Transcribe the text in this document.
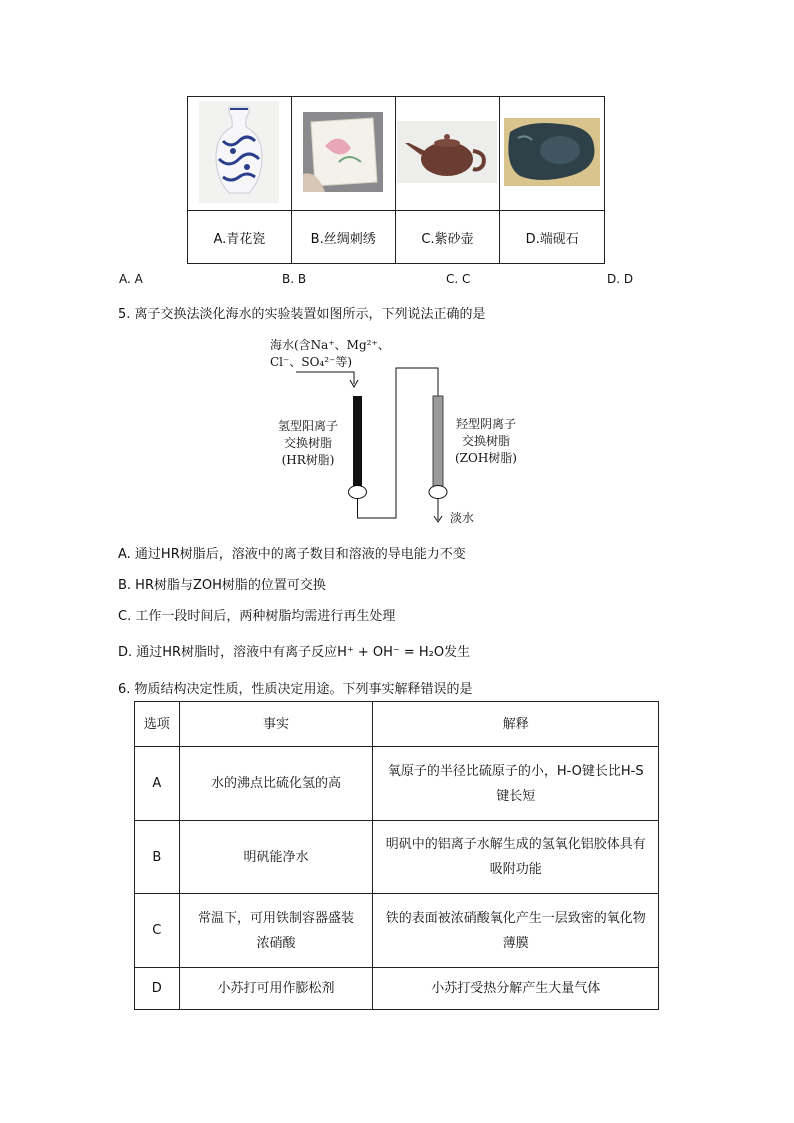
A.青花瓷	B.丝绸刺绣	C.紫砂壶	D.端砚石
A. A	B. B	C. C	D. D
5. 离子交换法淡化海水的实验装置如图所示，下列说法正确的是
海水(含Na⁺、Mg²⁺、
Cl⁻、SO₄²⁻等)
淡水
氢型阳离子
交换树脂
(HR树脂)
羟型阴离子
交换树脂
(ZOH树脂)
A. 通过HR树脂后，溶液中的离子数目和溶液的导电能力不变
B. HR树脂与ZOH树脂的位置可交换
C. 工作一段时间后，两种树脂均需进行再生处理
D. 通过HR树脂时，溶液中有离子反应H⁺ + OH⁻ = H₂O发生
6. 物质结构决定性质，性质决定用途。下列事实解释错误的是
选项	事实	解释
A	水的沸点比硫化氢的高	氧原子的半径比硫原子的小，H-O键长比H-S键长短
B	明矾能净水	明矾中的铝离子水解生成的氢氧化铝胶体具有吸附功能
C	常温下，可用铁制容器盛装浓硝酸	铁的表面被浓硝酸氧化产生一层致密的氧化物薄膜
D	小苏打可用作膨松剂	小苏打受热分解产生大量气体
